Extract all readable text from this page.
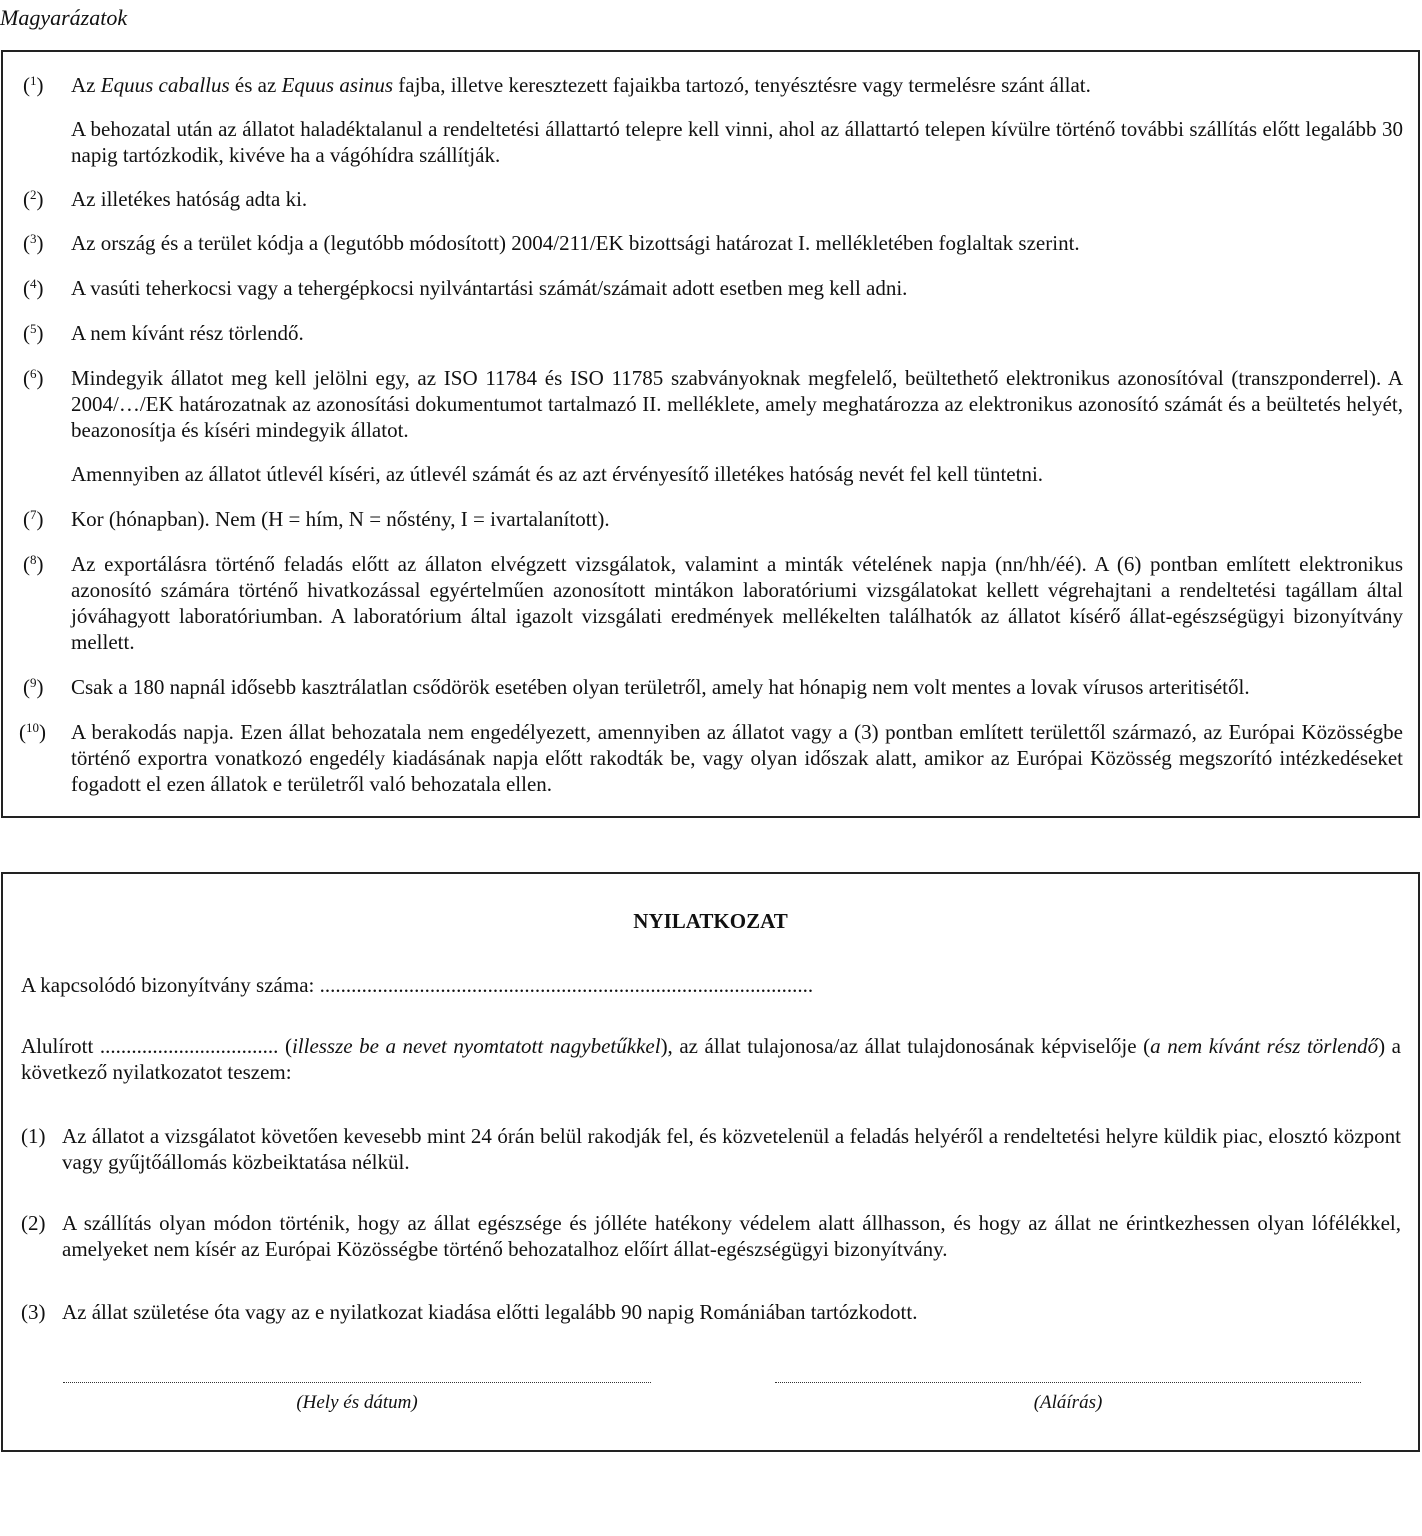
Magyarázatok
($^1$)	Az Equus caballus és az Equus asinus fajba, illetve keresztezett fajaikba tartozó, tenyésztésre vagy termelésre szánt állat.
A behozatal után az állatot haladéktalanul a rendeltetési állattartó telepre kell vinni, ahol az állattartó telepen kívülre történő további szállítás előtt legalább 30 napig tartózkodik, kivéve ha a vágóhídra szállítják.
($^2$)	Az illetékes hatóság adta ki.
($^3$)	Az ország és a terület kódja a (legutóbb módosított) 2004/211/EK bizottsági határozat I. mellékletében foglaltak szerint.
($^4$)	A vasúti teherkocsi vagy a tehergépkocsi nyilvántartási számát/számait adott esetben meg kell adni.
($^5$)	A nem kívánt rész törlendő.
($^6$)	Mindegyik állatot meg kell jelölni egy, az ISO 11784 és ISO 11785 szabványoknak megfelelő, beültethető elektronikus azonosítóval (transzponderrel). A 2004/…/EK határozatnak az azonosítási dokumentumot tartalmazó II. melléklete, amely meghatározza az elektronikus azonosító számát és a beültetés helyét, beazonosítja és kíséri mindegyik állatot.
Amennyiben az állatot útlevél kíséri, az útlevél számát és az azt érvényesítő illetékes hatóság nevét fel kell tüntetni.
($^7$)	Kor (hónapban). Nem (H = hím, N = nőstény, I = ivartalanított).
($^8$)	Az exportálásra történő feladás előtt az állaton elvégzett vizsgálatok, valamint a minták vételének napja (nn/hh/éé). A (6) pontban említett elektronikus azonosító számára történő hivatkozással egyértelműen azonosított mintákon laboratóriumi vizsgálatokat kellett végrehajtani a rendeltetési tagállam által jóváhagyott laboratóriumban. A laboratórium által igazolt vizsgálati eredmények mellékelten találhatók az állatot kísérő állat-egészségügyi bizonyítvány mellett.
($^9$)	Csak a 180 napnál idősebb kasztrálatlan csődörök esetében olyan területről, amely hat hónapig nem volt mentes a lovak vírusos arteritisétől.
($^{10}$)	A berakodás napja. Ezen állat behozatala nem engedélyezett, amennyiben az állatot vagy a (3) pontban említett területtől származó, az Európai Közösségbe történő exportra vonatkozó engedély kiadásának napja előtt rakodták be, vagy olyan időszak alatt, amikor az Európai Közösség megszorító intézkedéseket fogadott el ezen állatok e területről való behozatala ellen.
NYILATKOZAT
A kapcsolódó bizonyítvány száma: ..............................................................................................
Alulírott .................................. (illessze be a nevet nyomtatott nagybetűkkel), az állat tulajonosa/az állat tulajdonosának képviselője (a nem kívánt rész törlendő) a következő nyilatkozatot teszem:
(1) Az állatot a vizsgálatot követően kevesebb mint 24 órán belül rakodják fel, és közvetelenül a feladás helyéről a rendeltetési helyre küldik piac, elosztó központ vagy gyűjtőállomás közbeiktatása nélkül.
(2) A szállítás olyan módon történik, hogy az állat egészsége és jólléte hatékony védelem alatt állhasson, és hogy az állat ne érintkezhessen olyan lófélékkel, amelyeket nem kísér az Európai Közösségbe történő behozatalhoz előírt állat-egészségügyi bizonyítvány.
(3) Az állat születése óta vagy az e nyilatkozat kiadása előtti legalább 90 napig Romániában tartózkodott.
(Hely és dátum)	(Aláírás)
